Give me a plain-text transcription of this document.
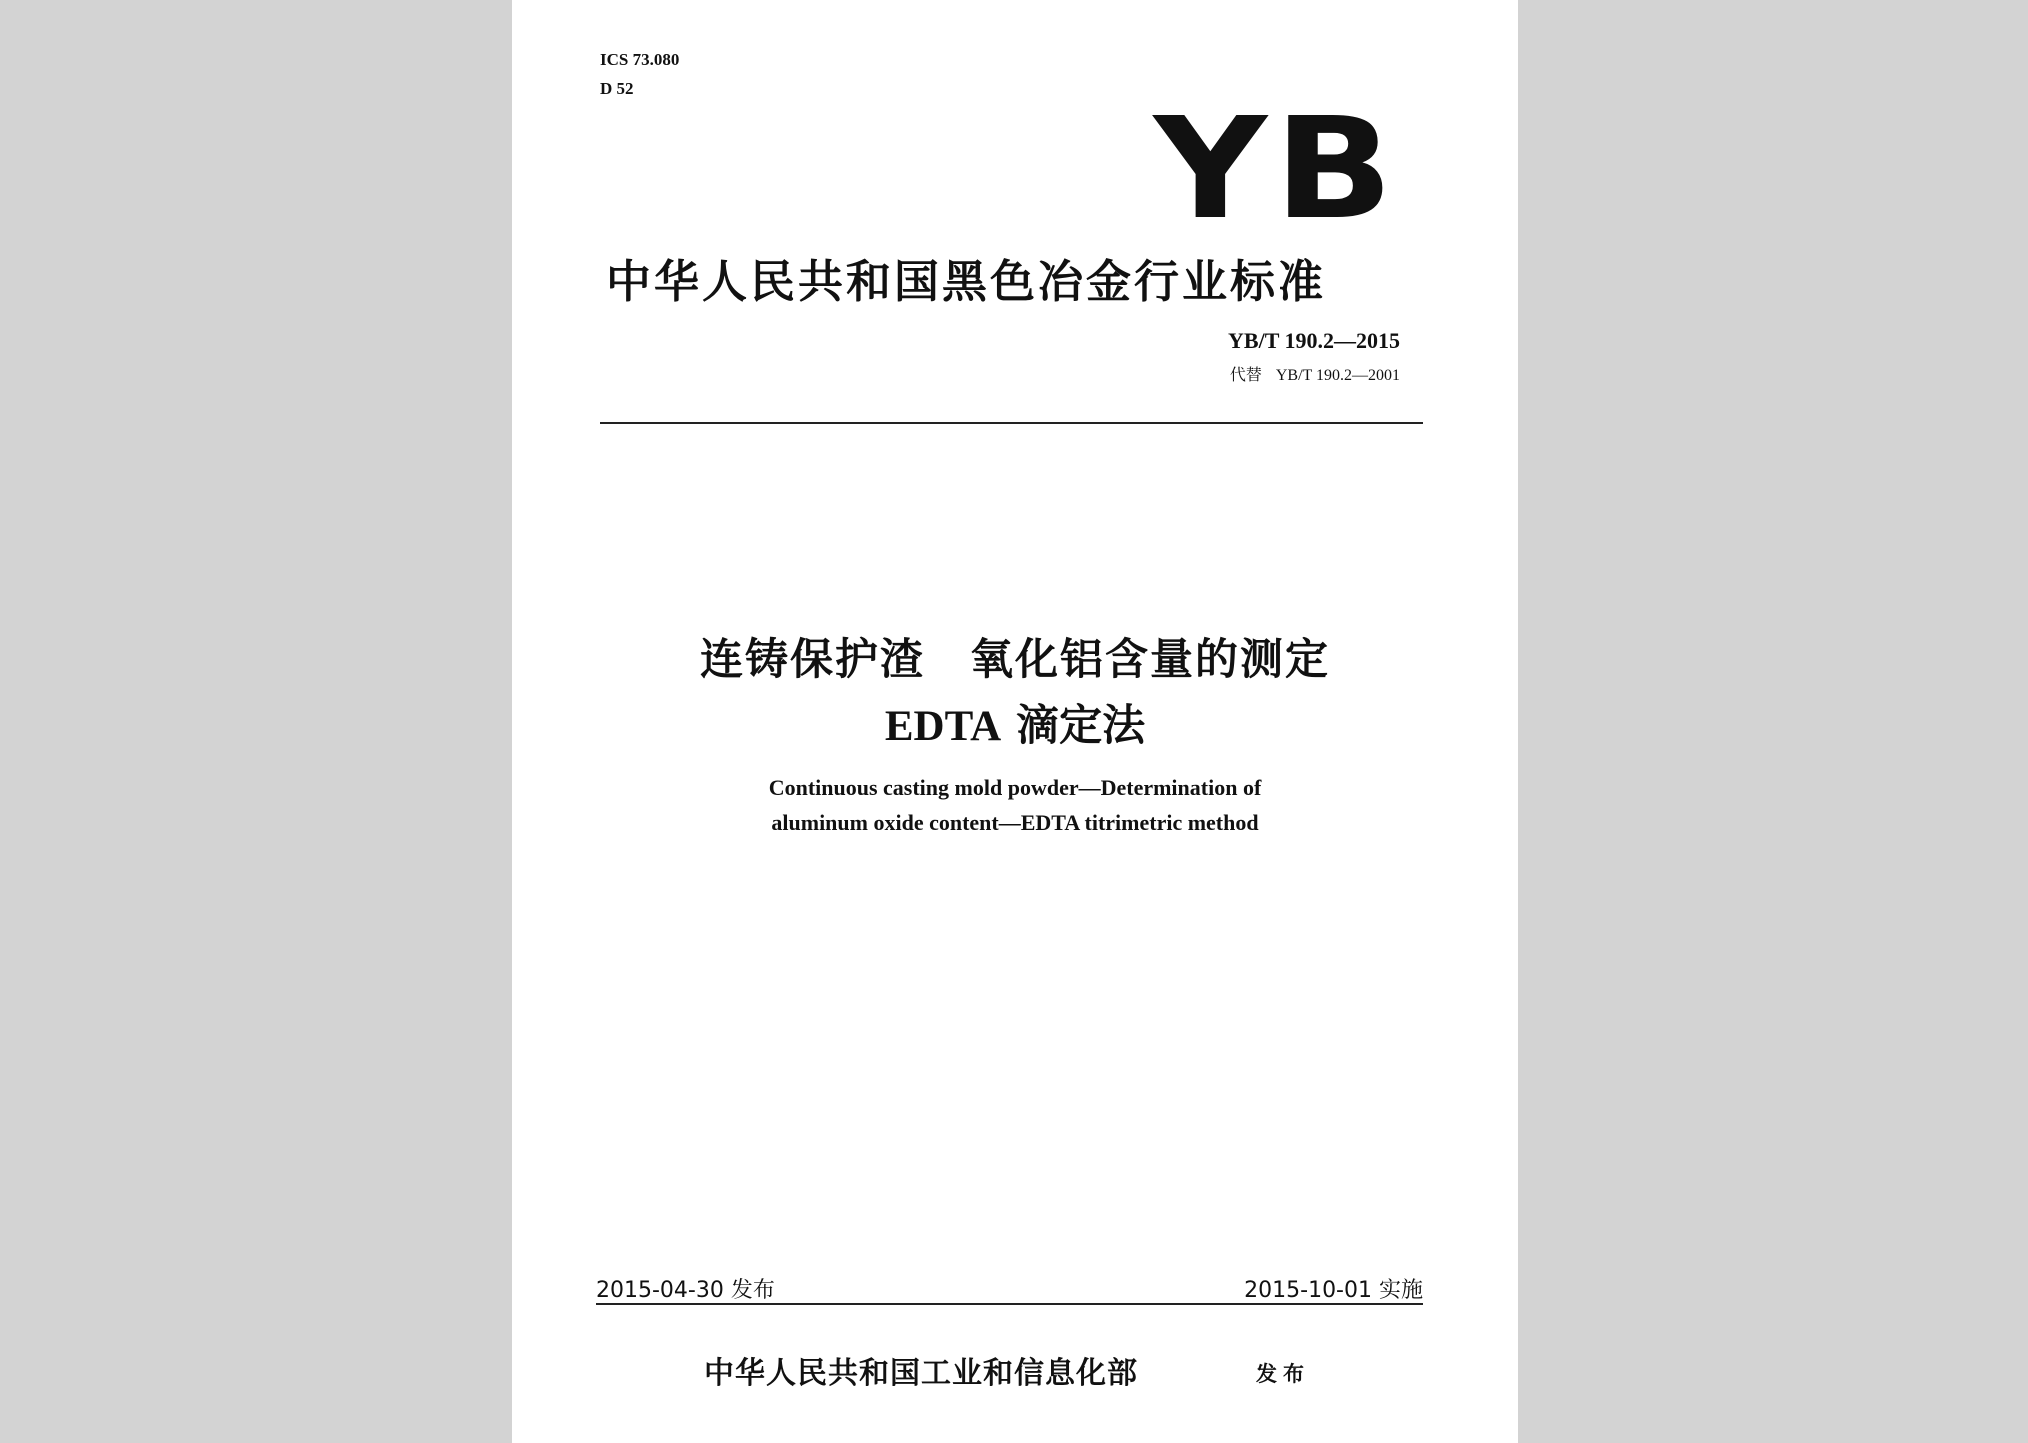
ICS 73.080
D 52	YB
中华人民共和国黑色冶金行业标准
YB/T 190.2—2015
代替 YB/T 190.2—2001
连铸保护渣　氧化铝含量的测定
EDTA 滴定法
Continuous casting mold powder—Determination of
aluminum oxide content—EDTA titrimetric method
2015-04-30 发布	2015-10-01 实施
中华人民共和国工业和信息化部	发布
